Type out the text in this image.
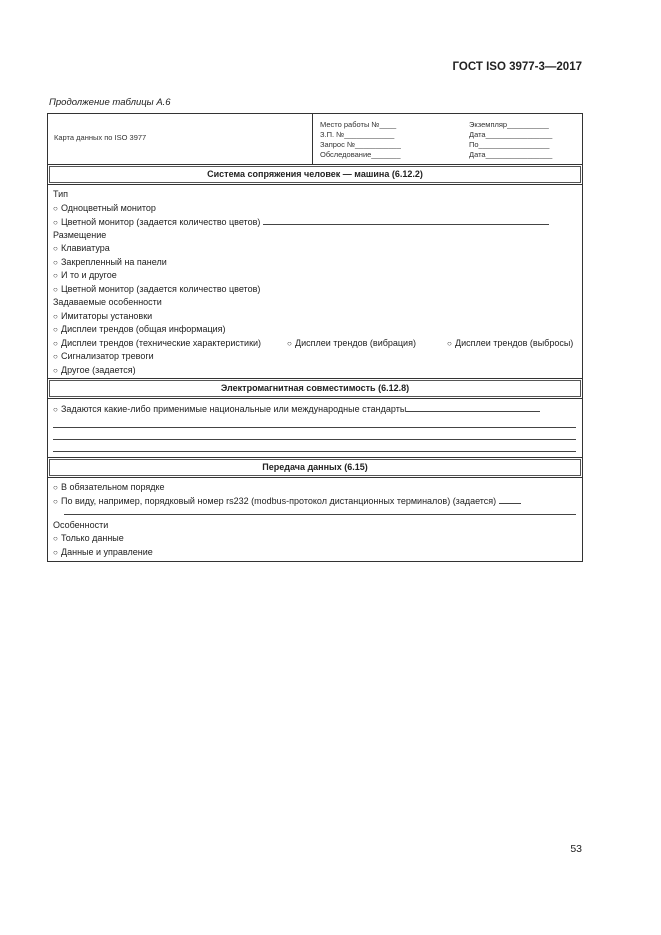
ГОСТ ISO 3977-3—2017
Продолжение таблицы А.6
Карта данных по ISO 3977
Место работы №____
З.П. №____________
Запрос №___________
Обследование_______
Экземпляр__________
Дата________________
По_________________
Дата________________
Система сопряжения человек — машина (6.12.2)
Тип
○ Одноцветный монитор
○ Цветной монитор (задается количество цветов)
Размещение
○ Клавиатура
○ Закрепленный на панели
○ И то и другое
○ Цветной монитор (задается количество цветов)
Задаваемые особенности
○ Имитаторы установки
○ Дисплеи трендов (общая информация)
○ Дисплеи трендов (технические характеристики)	○ Дисплеи трендов (вибрация)	○ Дисплеи трендов (выбросы)
○ Сигнализатор тревоги
○ Другое (задается)
Электромагнитная совместимость (6.12.8)
○ Задаются какие-либо применимые национальные или международные стандарты
Передача данных (6.15)
○ В обязательном порядке
○ По виду, например, порядковый номер rs232 (modbus-протокол дистанционных терминалов) (задается)
Особенности
○ Только данные
○ Данные и управление
53
